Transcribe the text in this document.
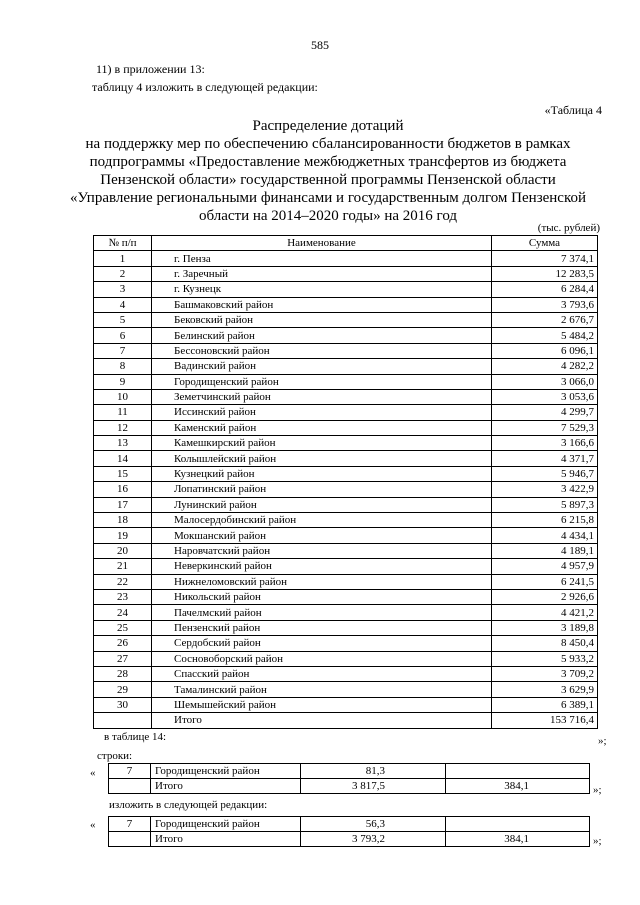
585
11) в приложении 13:
таблицу 4 изложить в следующей редакции:
«Таблица 4
Распределение дотаций
на поддержку мер по обеспечению сбалансированности бюджетов в рамках
подпрограммы «Предоставление межбюджетных трансфертов из бюджета
Пензенской области» государственной программы Пензенской области
«Управление региональными финансами и государственным долгом Пензенской
области на 2014–2020 годы» на 2016 год
(тыс. рублей)
№ п/п	Наименование	Сумма
1	г. Пенза	7 374,1
2	г. Заречный	12 283,5
3	г. Кузнецк	6 284,4
4	Башмаковский район	3 793,6
5	Бековский район	2 676,7
6	Белинский район	5 484,2
7	Бессоновский район	6 096,1
8	Вадинский район	4 282,2
9	Городищенский район	3 066,0
10	Земетчинский район	3 053,6
11	Иссинский район	4 299,7
12	Каменский район	7 529,3
13	Камешкирский район	3 166,6
14	Колышлейский район	4 371,7
15	Кузнецкий район	5 946,7
16	Лопатинский район	3 422,9
17	Лунинский район	5 897,3
18	Малосердобинский район	6 215,8
19	Мокшанский район	4 434,1
20	Наровчатский район	4 189,1
21	Неверкинский район	4 957,9
22	Нижнеломовский район	6 241,5
23	Никольский район	2 926,6
24	Пачелмский район	4 421,2
25	Пензенский район	3 189,8
26	Сердобский район	8 450,4
27	Сосновоборский район	5 933,2
28	Спасский район	3 709,2
29	Тамалинский район	3 629,9
30	Шемышейский район	6 389,1
	Итого	153 716,4
»;
в таблице 14:
строки:
«	7	Городищенский район	81,3	
	Итого	3 817,5	384,1	»;
изложить в следующей редакции:
«	7	Городищенский район	56,3	
	Итого	3 793,2	384,1	»;
